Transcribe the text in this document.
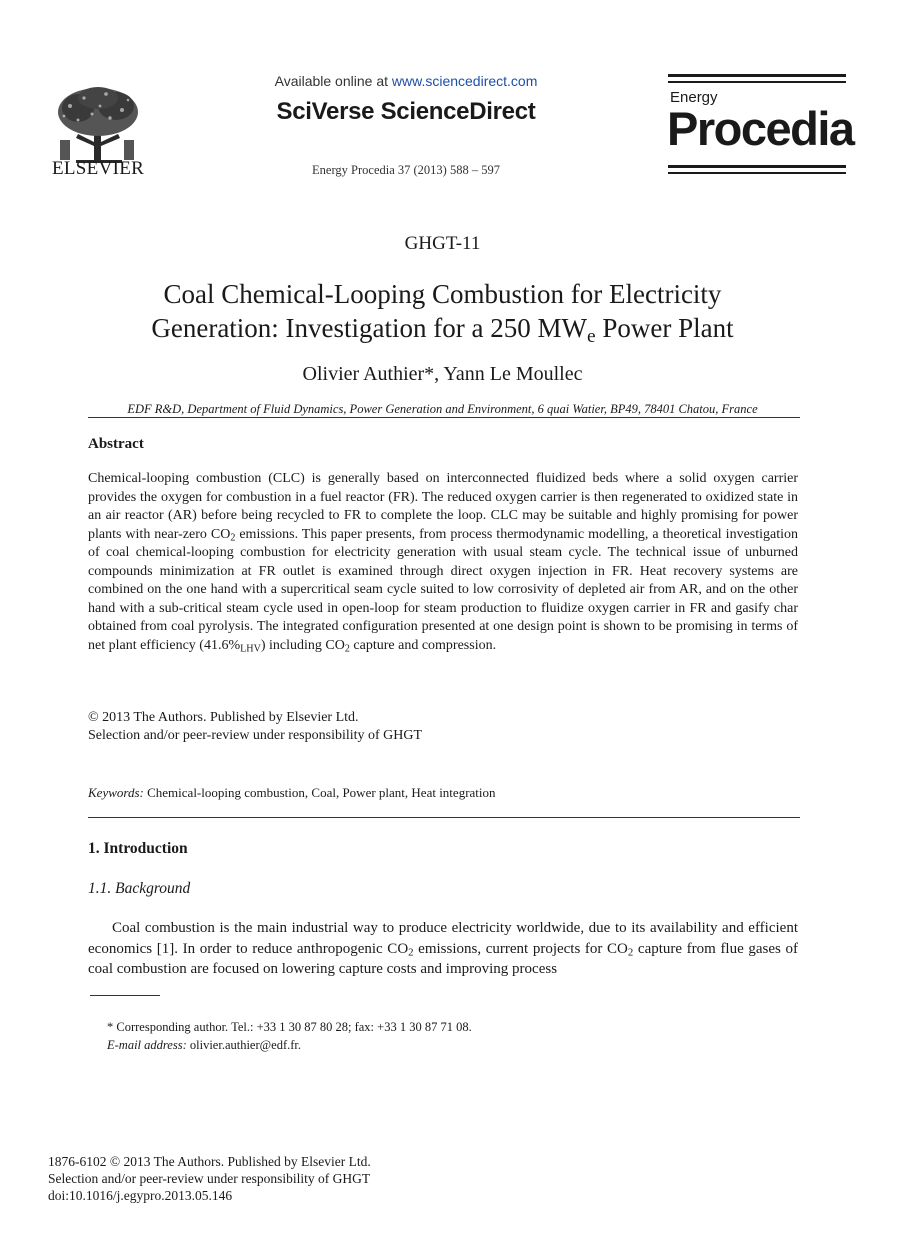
ELSEVIER
Available online at www.sciencedirect.com
SciVerse ScienceDirect
Energy Procedia 37 (2013) 588 – 597
Energy
Procedia
GHGT-11
Coal Chemical-Looping Combustion for Electricity
Generation: Investigation for a 250 $MW_e$ Power Plant
Olivier Authier*, Yann Le Moullec
EDF R&D, Department of Fluid Dynamics, Power Generation and Environment, 6 quai Watier, BP49, 78401 Chatou, France
Abstract
Chemical-looping combustion (CLC) is generally based on interconnected fluidized beds where a solid oxygen carrier provides the oxygen for combustion in a fuel reactor (FR). The reduced oxygen carrier is then regenerated to oxidized state in an air reactor (AR) before being recycled to FR to complete the loop. CLC may be suitable and highly promising for power plants with near-zero $CO_2$ emissions. This paper presents, from process thermodynamic modelling, a theoretical investigation of coal chemical-looping combustion for electricity generation with usual steam cycle. The technical issue of unburned compounds minimization at FR outlet is examined through direct oxygen injection in FR. Heat recovery systems are combined on the one hand with a supercritical seam cycle suited to low corrosivity of depleted air from AR, and on the other hand with a sub-critical steam cycle used in open-loop for steam production to fluidize oxygen carrier in FR and gasify char obtained from coal pyrolysis. The integrated configuration presented at one design point is shown to be promising in terms of net plant efficiency $(41.6\%_{LHV})$ including $CO_2$ capture and compression.
© 2013 The Authors. Published by Elsevier Ltd.
Selection and/or peer-review under responsibility of GHGT
Keywords: Chemical-looping combustion, Coal, Power plant, Heat integration
1. Introduction
1.1. Background
Coal combustion is the main industrial way to produce electricity worldwide, due to its availability and efficient economics [1]. In order to reduce anthropogenic $CO_2$ emissions, current projects for $CO_2$ capture from flue gases of coal combustion are focused on lowering capture costs and improving process
* Corresponding author. Tel.: +33 1 30 87 80 28; fax: +33 1 30 87 71 08.
E-mail address: olivier.authier@edf.fr.
1876-6102 © 2013 The Authors. Published by Elsevier Ltd.
Selection and/or peer-review under responsibility of GHGT
doi:10.1016/j.egypro.2013.05.146
